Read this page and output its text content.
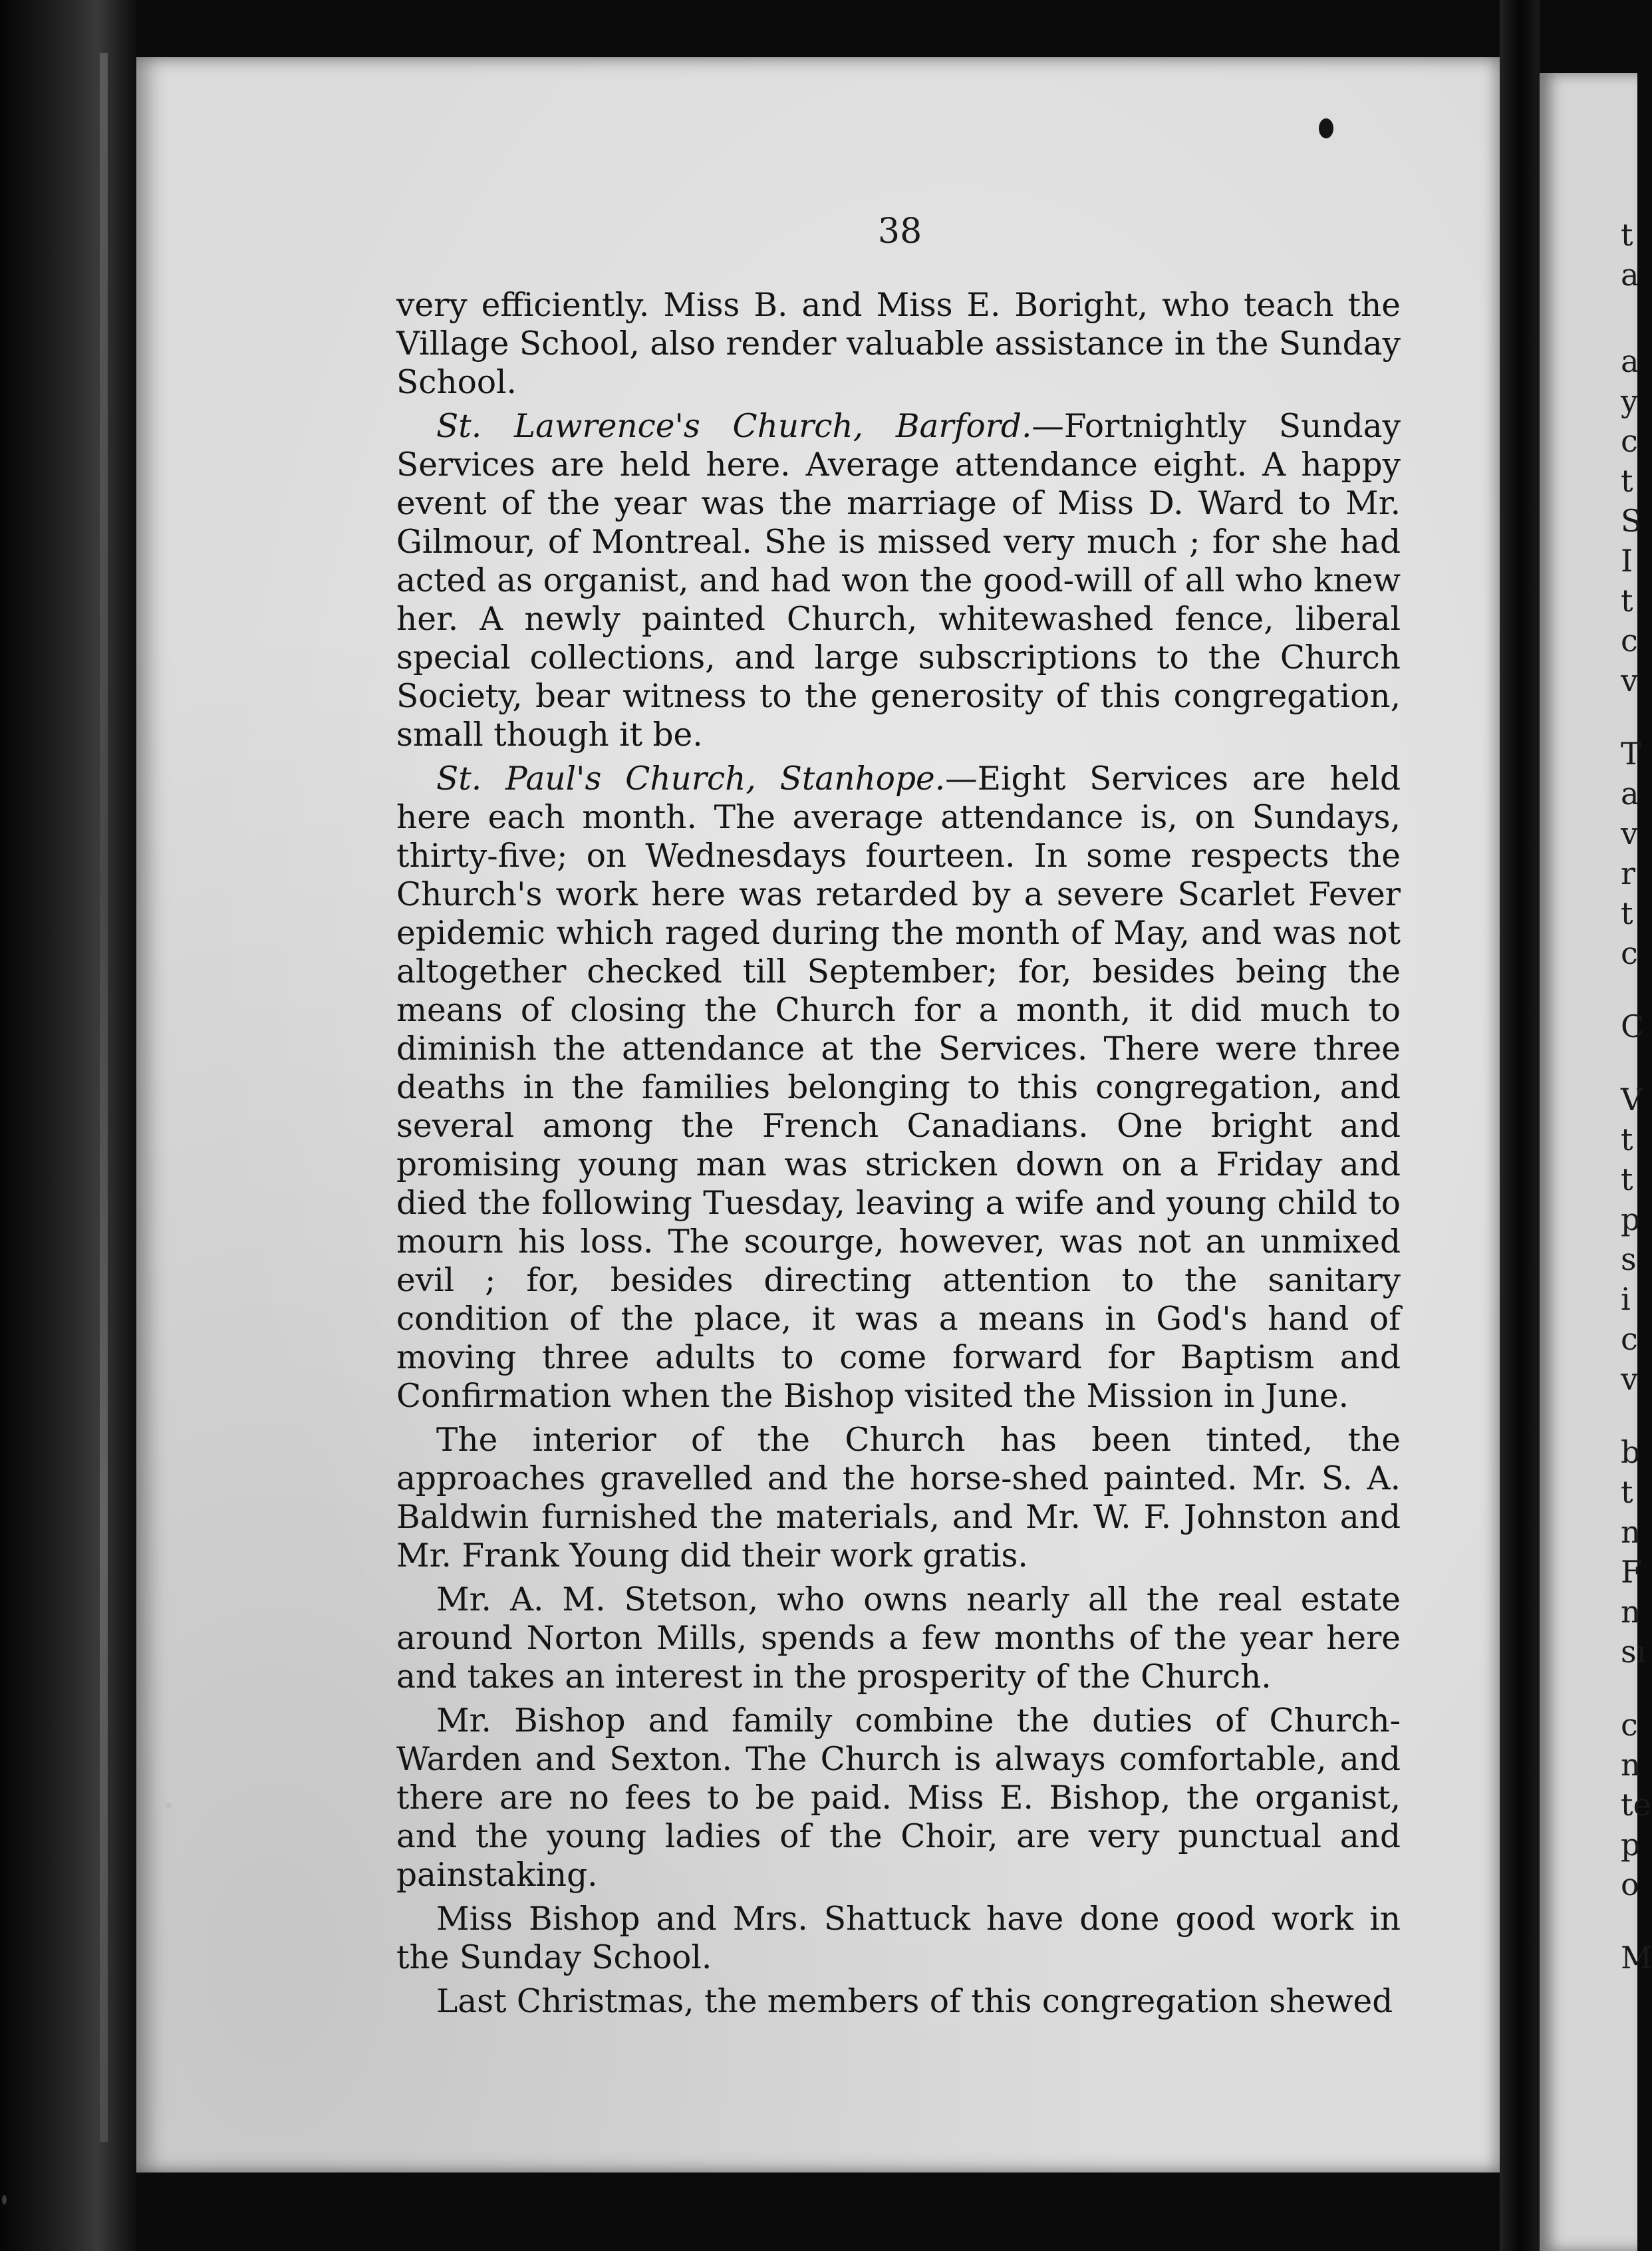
t
a
a
y
c
t
S
I
t
c
v
T
a
v
r
t
c
C
V
t
t
p
s
i
c
v
b
t
n
F
n
sı
c
n
te
p
o
M
38

very efficiently. Miss B. and Miss E. Boright, who teach the Village School, also render valuable assistance in the Sunday School.

St. Lawrence's Church, Barford.—Fortnightly Sunday Services are held here. Average attendance eight. A happy event of the year was the marriage of Miss D. Ward to Mr. Gilmour, of Montreal. She is missed very much ; for she had acted as organist, and had won the good-will of all who knew her. A newly painted Church, whitewashed fence, liberal special collections, and large subscriptions to the Church Society, bear witness to the generosity of this congregation, small though it be.

St. Paul's Church, Stanhope.—Eight Services are held here each month. The average attendance is, on Sundays, thirty-five; on Wednesdays fourteen. In some respects the Church's work here was retarded by a severe Scarlet Fever epidemic which raged during the month of May, and was not altogether checked till September; for, besides being the means of closing the Church for a month, it did much to diminish the attendance at the Services. There were three deaths in the families belonging to this congregation, and several among the French Canadians. One bright and promising young man was stricken down on a Friday and died the following Tuesday, leaving a wife and young child to mourn his loss. The scourge, however, was not an unmixed evil ; for, besides directing attention to the sanitary condition of the place, it was a means in God's hand of moving three adults to come forward for Baptism and Confirmation when the Bishop visited the Mission in June.

The interior of the Church has been tinted, the approaches gravelled and the horse-shed painted. Mr. S. A. Baldwin furnished the materials, and Mr. W. F. Johnston and Mr. Frank Young did their work gratis.

Mr. A. M. Stetson, who owns nearly all the real estate around Norton Mills, spends a few months of the year here and takes an interest in the prosperity of the Church.

Mr. Bishop and family combine the duties of Church-Warden and Sexton. The Church is always comfortable, and there are no fees to be paid. Miss E. Bishop, the organist, and the young ladies of the Choir, are very punctual and painstaking.

Miss Bishop and Mrs. Shattuck have done good work in the Sunday School.

Last Christmas, the members of this congregation shewed
